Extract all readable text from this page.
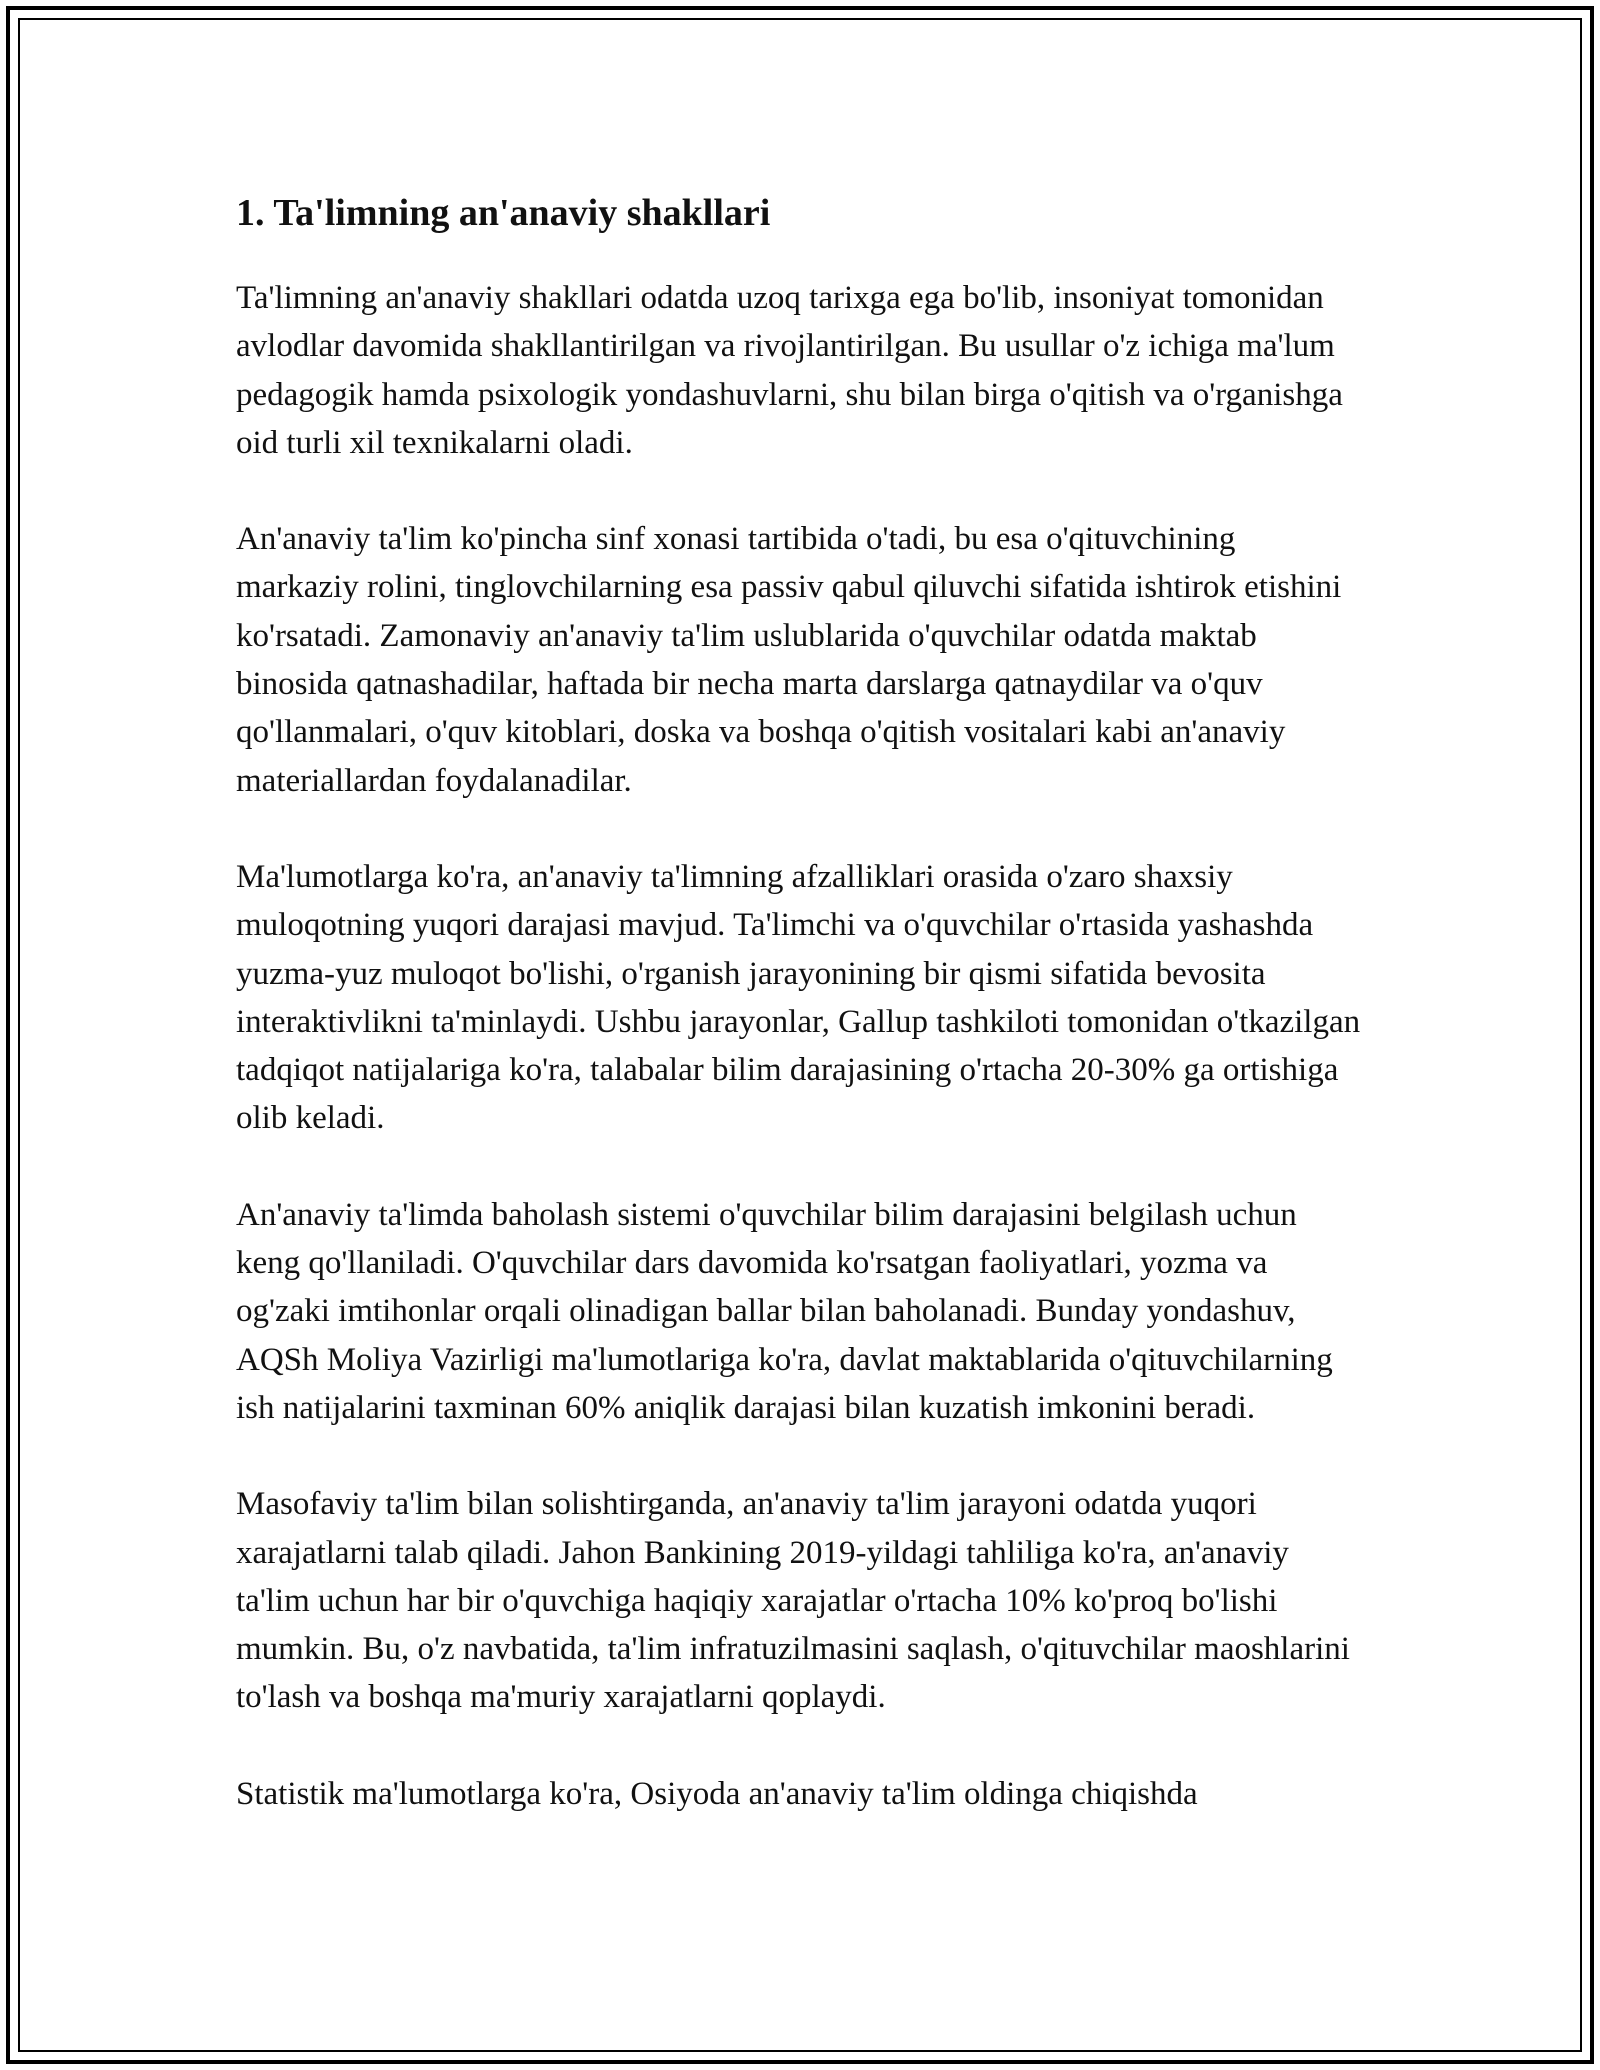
1. Ta'limning an'anaviy shakllari

Ta'limning an'anaviy shakllari odatda uzoq tarixga ega bo'lib, insoniyat tomonidan avlodlar davomida shakllantirilgan va rivojlantirilgan. Bu usullar o'z ichiga ma'lum pedagogik hamda psixologik yondashuvlarni, shu bilan birga o'qitish va o'rganishga oid turli xil texnikalarni oladi.

An'anaviy ta'lim ko'pincha sinf xonasi tartibida o'tadi, bu esa o'qituvchining markaziy rolini, tinglovchilarning esa passiv qabul qiluvchi sifatida ishtirok etishini ko'rsatadi. Zamonaviy an'anaviy ta'lim uslublarida o'quvchilar odatda maktab binosida qatnashadilar, haftada bir necha marta darslarga qatnaydilar va o'quv qo'llanmalari, o'quv kitoblari, doska va boshqa o'qitish vositalari kabi an'anaviy materiallardan foydalanadilar.

Ma'lumotlarga ko'ra, an'anaviy ta'limning afzalliklari orasida o'zaro shaxsiy muloqotning yuqori darajasi mavjud. Ta'limchi va o'quvchilar o'rtasida yashashda yuzma-yuz muloqot bo'lishi, o'rganish jarayonining bir qismi sifatida bevosita interaktivlikni ta'minlaydi. Ushbu jarayonlar, Gallup tashkiloti tomonidan o'tkazilgan tadqiqot natijalariga ko'ra, talabalar bilim darajasining o'rtacha 20-30% ga ortishiga olib keladi.

An'anaviy ta'limda baholash sistemi o'quvchilar bilim darajasini belgilash uchun keng qo'llaniladi. O'quvchilar dars davomida ko'rsatgan faoliyatlari, yozma va og'zaki imtihonlar orqali olinadigan ballar bilan baholanadi. Bunday yondashuv, AQSh Moliya Vazirligi ma'lumotlariga ko'ra, davlat maktablarida o'qituvchilarning ish natijalarini taxminan 60% aniqlik darajasi bilan kuzatish imkonini beradi.

Masofaviy ta'lim bilan solishtirganda, an'anaviy ta'lim jarayoni odatda yuqori xarajatlarni talab qiladi. Jahon Bankining 2019-yildagi tahliliga ko'ra, an'anaviy ta'lim uchun har bir o'quvchiga haqiqiy xarajatlar o'rtacha 10% ko'proq bo'lishi mumkin. Bu, o'z navbatida, ta'lim infratuzilmasini saqlash, o'qituvchilar maoshlarini to'lash va boshqa ma'muriy xarajatlarni qoplaydi.

Statistik ma'lumotlarga ko'ra, Osiyoda an'anaviy ta'lim oldinga chiqishda
